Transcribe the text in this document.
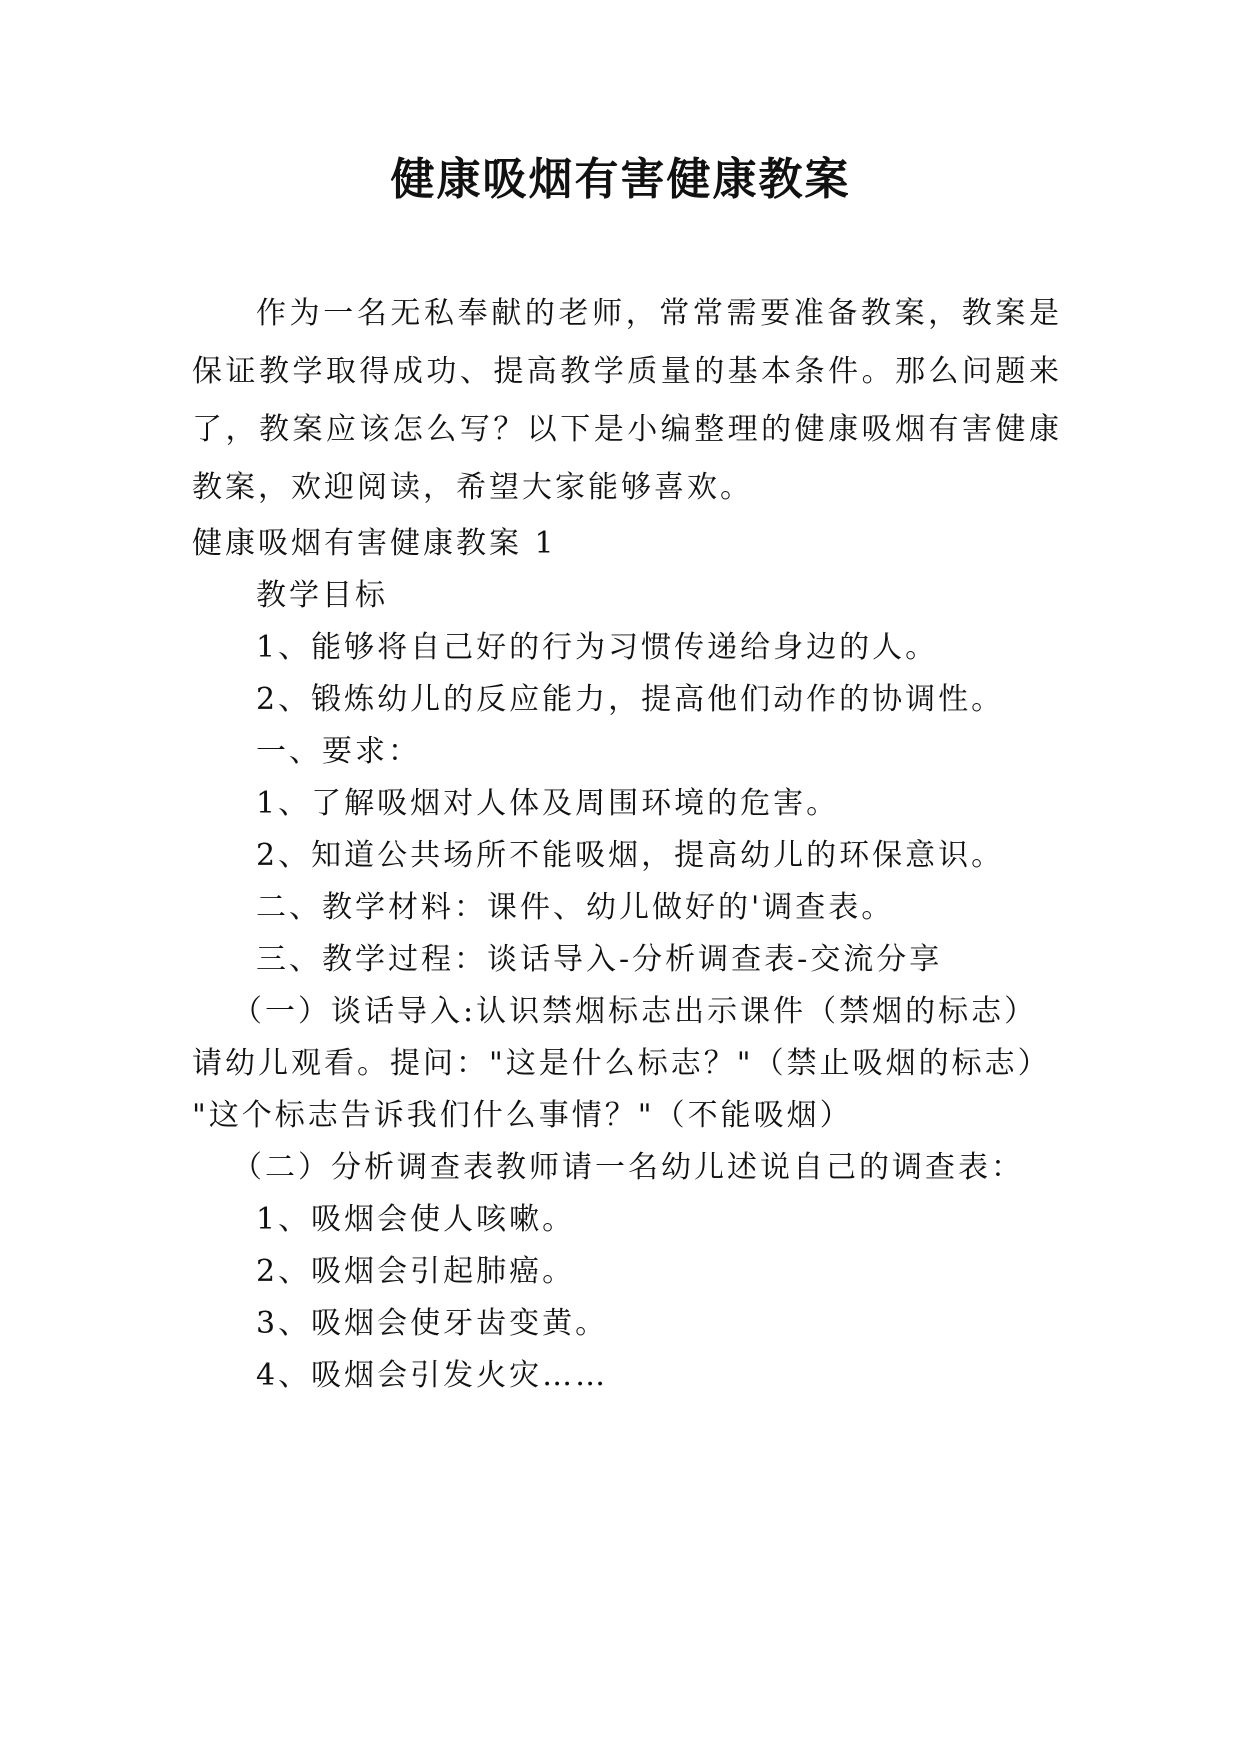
健康吸烟有害健康教案

作为一名无私奉献的老师，常常需要准备教案，教案是保证教学取得成功、提高教学质量的基本条件。那么问题来了，教案应该怎么写？以下是小编整理的健康吸烟有害健康教案，欢迎阅读，希望大家能够喜欢。

健康吸烟有害健康教案 1

教学目标

1、能够将自己好的行为习惯传递给身边的人。

2、锻炼幼儿的反应能力，提高他们动作的协调性。

一、要求：

1、了解吸烟对人体及周围环境的危害。

2、知道公共场所不能吸烟，提高幼儿的环保意识。

二、教学材料：课件、幼儿做好的'调查表。

三、教学过程：谈话导入-分析调查表-交流分享

（一）谈话导入:认识禁烟标志出示课件（禁烟的标志）

请幼儿观看。提问："这是什么标志？"（禁止吸烟的标志）

"这个标志告诉我们什么事情？"（不能吸烟）

（二）分析调查表教师请一名幼儿述说自己的调查表：

1、吸烟会使人咳嗽。

2、吸烟会引起肺癌。

3、吸烟会使牙齿变黄。

4、吸烟会引发火灾……
